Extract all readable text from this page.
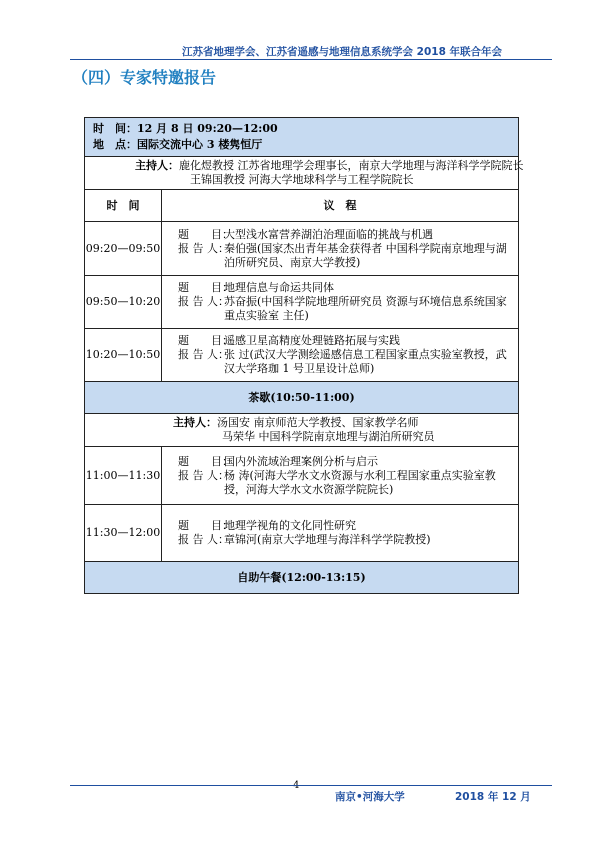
江苏省地理学会、江苏省遥感与地理信息系统学会 2018 年联合年会
（四）专家特邀报告
时　间： 12 月 8 日 09:20—12:00
地　点： 国际交流中心 3 楼隽恒厅	

主持人：鹿化煜教授 江苏省地理学会理事长，南京大学地理与海洋科学学院院长
王锦国教授 河海大学地球科学与工程学院院长	

时　间	议　程
09:20—09:50	题　　目：
大型浅水富营养湖泊治理面临的挑战与机遇
报 告 人：
秦伯强(国家杰出青年基金获得者 中国科学院南京地理与湖泊所研究员、南京大学教授)

09:50—10:20	题　　目：
地理信息与命运共同体
报 告 人：
苏奋振(中国科学院地理所研究员 资源与环境信息系统国家重点实验室 主任)

10:20—10:50	题　　目：
遥感卫星高精度处理链路拓展与实践
报 告 人：
张 过(武汉大学测绘遥感信息工程国家重点实验室教授，武汉大学珞珈 1 号卫星设计总师)

茶歇(10:50-11:00)	

主持人：汤国安 南京师范大学教授、国家教学名师
马荣华 中国科学院南京地理与湖泊所研究员	

11:00—11:30	题　　目：
国内外流域治理案例分析与启示
报 告 人：
杨 涛(河海大学水文水资源与水利工程国家重点实验室教授，河海大学水文水资源学院院长)

11:30—12:00	题　　目：
地理学视角的文化同性研究
报 告 人：
章锦河(南京大学地理与海洋科学学院教授)

自助午餐(12:00-13:15)	
4
南京•河海大学	2018 年 12 月
